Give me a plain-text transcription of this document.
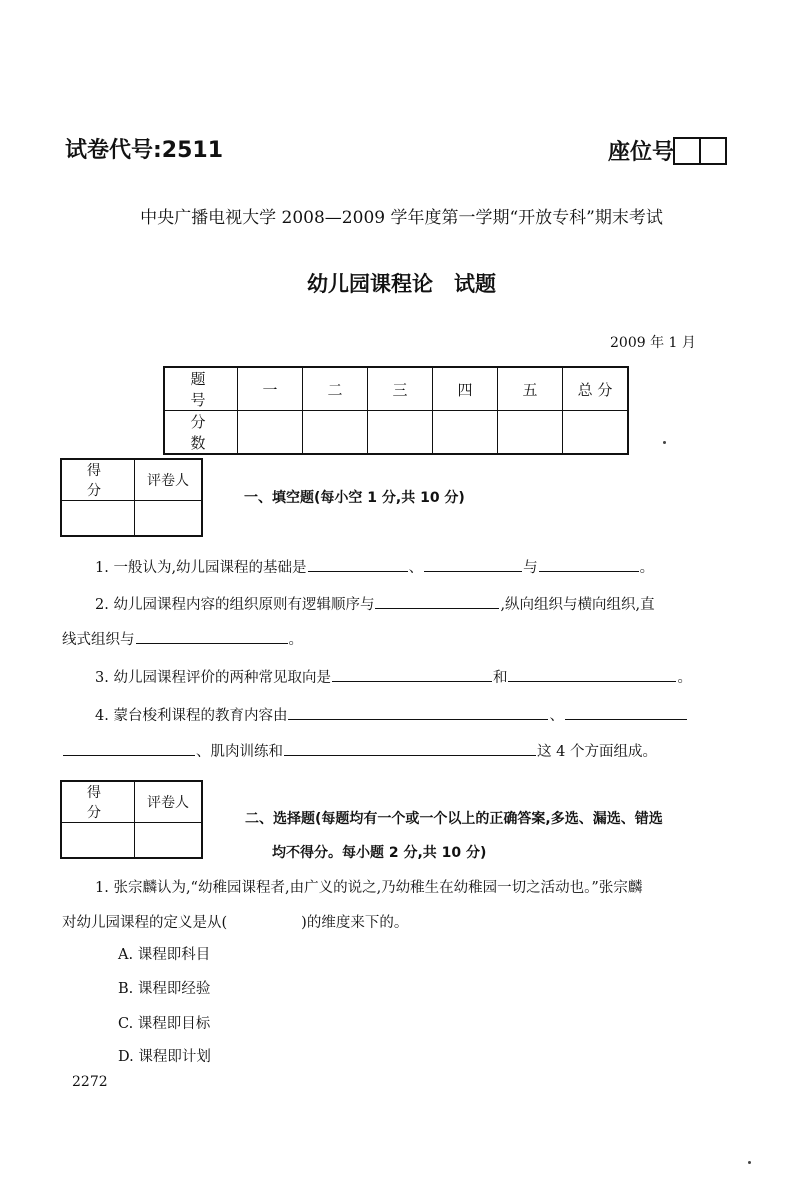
试卷代号:2511	座位号
中央广播电视大学 2008—2009 学年度第一学期“开放专科”期末考试
幼儿园课程论　试题
2009 年 1 月
题 号	一	二	三	四	五	总 分
分 数						
得 分	评卷人

一、填空题(每小空 1 分,共 10 分)
1. 一般认为,幼儿园课程的基础是	、	与	。
2. 幼儿园课程内容的组织原则有逻辑顺序与	,纵向组织与横向组织,直
线式组织与	。
3. 幼儿园课程评价的两种常见取向是	和	。
4. 蒙台梭利课程的教育内容由	、
、肌肉训练和	这 4 个方面组成。
得 分	评卷人

二、选择题(每题均有一个或一个以上的正确答案,多选、漏选、错选
均不得分。每小题 2 分,共 10 分)
1. 张宗麟认为,“幼稚园课程者,由广义的说之,乃幼稚生在幼稚园一切之活动也。”张宗麟
对幼儿园课程的定义是从(	)的维度来下的。
A. 课程即科目
B. 课程即经验
C. 课程即目标
D. 课程即计划
2272
